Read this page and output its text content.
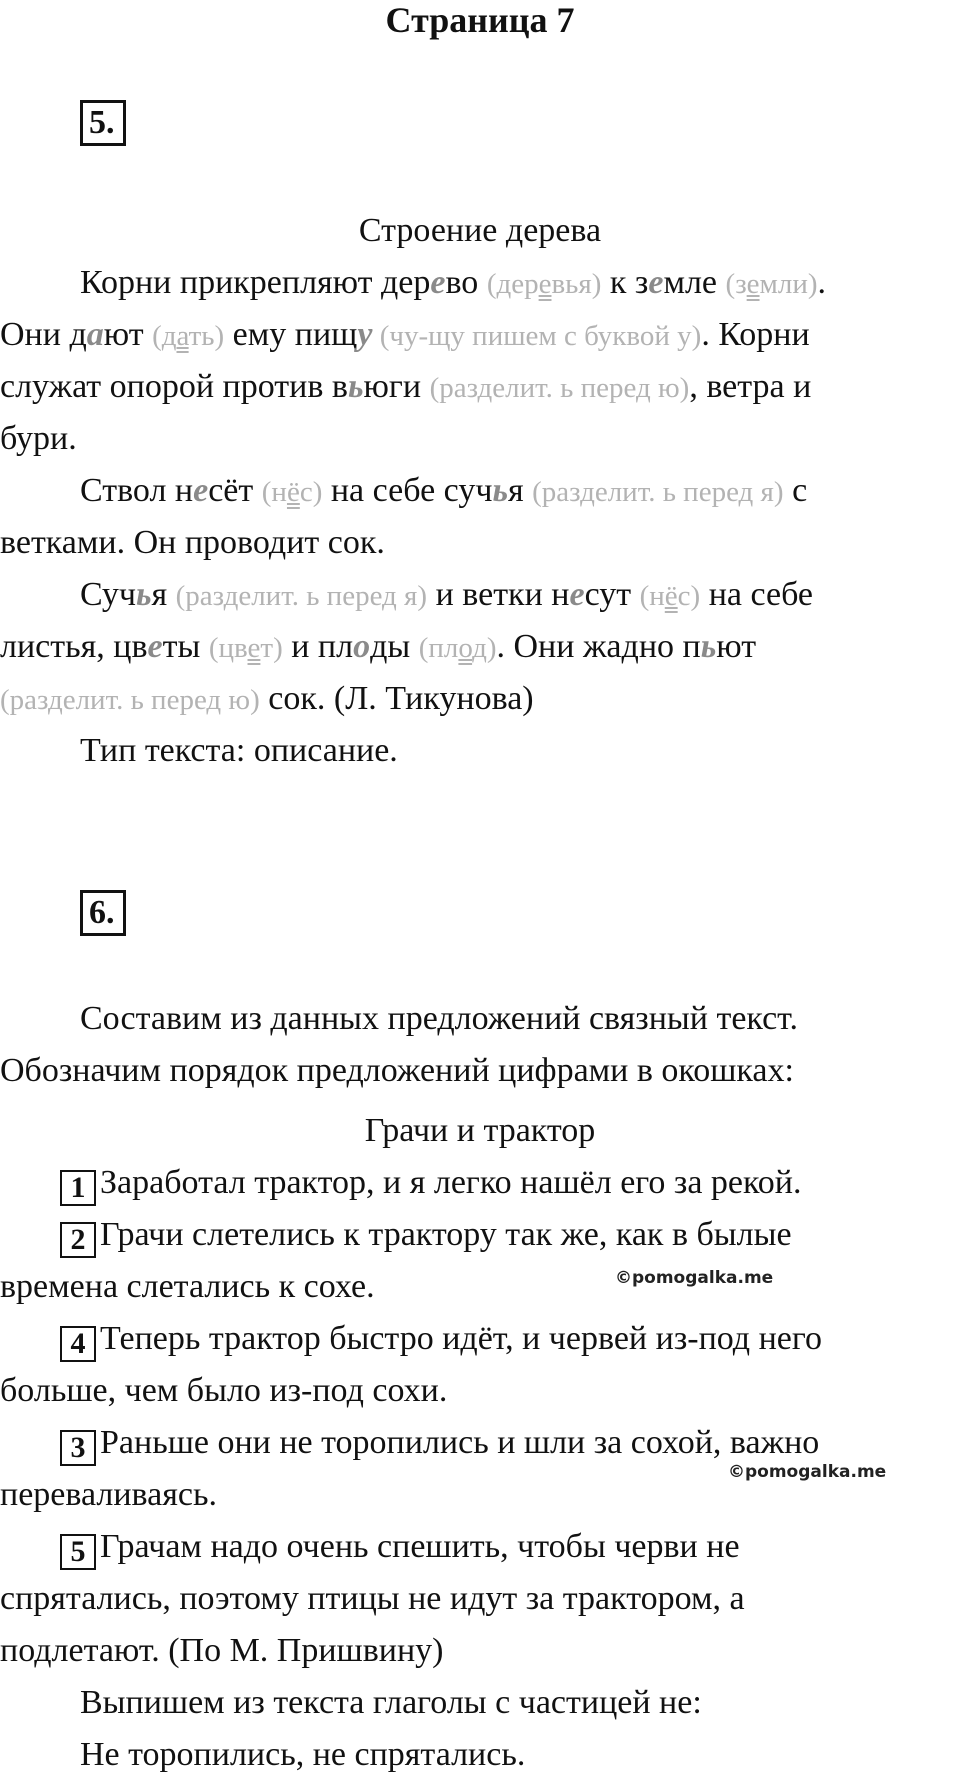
Страница 7
5.
Строение дерева
Корни прикрепляют дерево (деревья) к земле (земли).
Они дают (дать) ему пищу (чу-щу пишем с буквой у). Корни
служат опорой против вьюги (разделит. ь перед ю), ветра и
бури.
Ствол несёт (нёс) на себе сучья (разделит. ь перед я) с
ветками. Он проводит сок.
Сучья (разделит. ь перед я) и ветки несут (нёс) на себе
листья, цветы (цвет) и плоды (плод). Они жадно пьют
(разделит. ь перед ю) сок. (Л. Тикунова)
Тип текста: описание.
6.
Составим из данных предложений связный текст.
Обозначим порядок предложений цифрами в окошках:
Грачи и трактор
1 Заработал трактор, и я легко нашёл его за рекой.
2 Грачи слетелись к трактору так же, как в былые
времена слетались к сохе.
4 Теперь трактор быстро идёт, и червей из-под него
больше, чем было из-под сохи.
3 Раньше они не торопились и шли за сохой, важно
переваливаясь.
5 Грачам надо очень спешить, чтобы черви не
спрятались, поэтому птицы не идут за трактором, а
подлетают. (По М. Пришвину)
Выпишем из текста глаголы с частицей не:
Не торопились, не спрятались.
©pomogalka.me
©pomogalka.me
